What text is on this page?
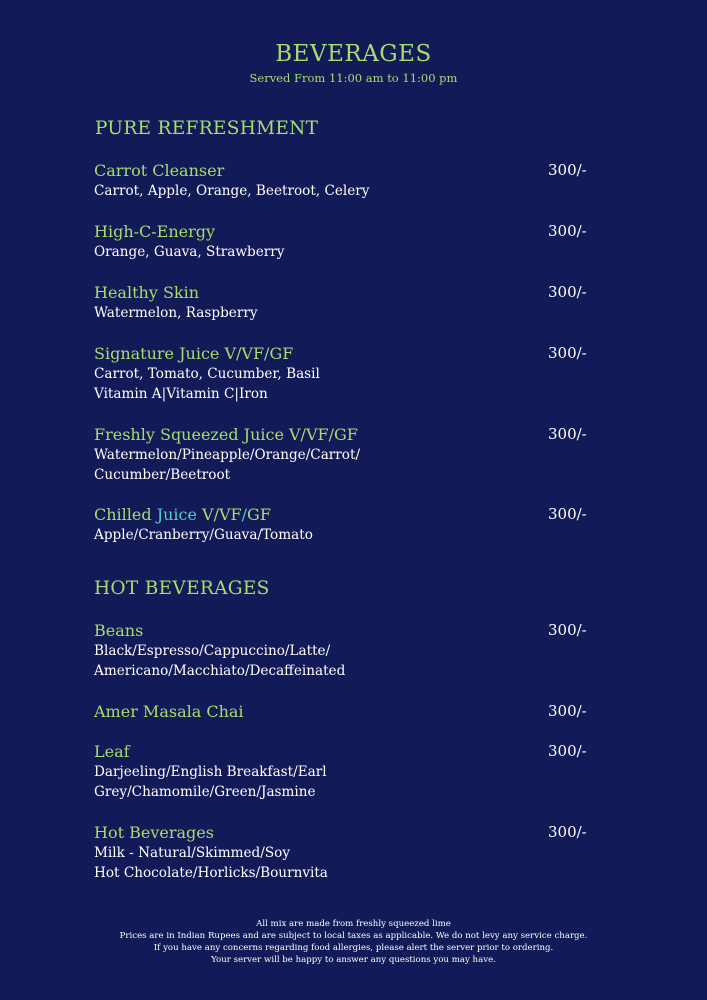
BEVERAGES
Served From 11:00 am to 11:00 pm
PURE REFRESHMENT
Carrot Cleanser
Carrot, Apple, Orange, Beetroot, Celery
300/-
High-C-Energy
Orange, Guava, Strawberry
300/-
Healthy Skin
Watermelon, Raspberry
300/-
Signature Juice V/VF/GF
Carrot, Tomato, Cucumber, Basil
Vitamin A|Vitamin C|Iron
300/-
Freshly Squeezed Juice V/VF/GF
Watermelon/Pineapple/Orange/Carrot/
Cucumber/Beetroot
300/-
Chilled Juice V/VF/GF
Apple/Cranberry/Guava/Tomato
300/-
HOT BEVERAGES
Beans
Black/Espresso/Cappuccino/Latte/
Americano/Macchiato/Decaffeinated
300/-
Amer Masala Chai	300/-
Leaf
Darjeeling/English Breakfast/Earl
Grey/Chamomile/Green/Jasmine
300/-
Hot Beverages
Milk - Natural/Skimmed/Soy
Hot Chocolate/Horlicks/Bournvita
300/-
All mix are made from freshly squeezed lime
Prices are in Indian Rupees and are subject to local taxes as applicable. We do not levy any service charge.
If you have any concerns regarding food allergies, please alert the server prior to ordering.
Your server will be happy to answer any questions you may have.
